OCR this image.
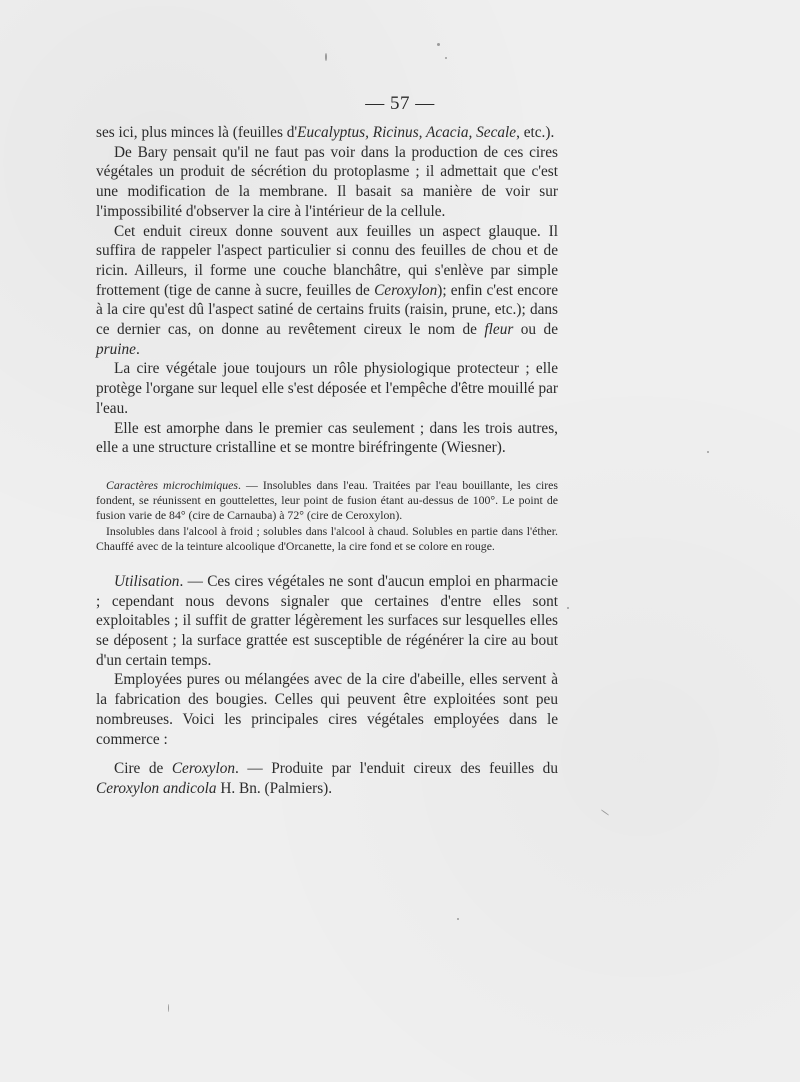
— 57 —

ses ici, plus minces là (feuilles d'Eucalyptus, Ricinus, Acacia, Secale, etc.).

De Bary pensait qu'il ne faut pas voir dans la production de ces cires végétales un produit de sécrétion du protoplasme ; il admettait que c'est une modification de la membrane. Il basait sa manière de voir sur l'impossibilité d'observer la cire à l'intérieur de la cellule.

Cet enduit cireux donne souvent aux feuilles un aspect glauque. Il suffira de rappeler l'aspect particulier si connu des feuilles de chou et de ricin. Ailleurs, il forme une couche blanchâtre, qui s'enlève par simple frottement (tige de canne à sucre, feuilles de Ceroxylon); enfin c'est encore à la cire qu'est dû l'aspect satiné de certains fruits (raisin, prune, etc.); dans ce dernier cas, on donne au revêtement cireux le nom de fleur ou de pruine.

La cire végétale joue toujours un rôle physiologique protecteur ; elle protège l'organe sur lequel elle s'est déposée et l'empêche d'être mouillé par l'eau.

Elle est amorphe dans le premier cas seulement ; dans les trois autres, elle a une structure cristalline et se montre biréfringente (Wiesner).

Caractères microchimiques. — Insolubles dans l'eau. Traitées par l'eau bouillante, les cires fondent, se réunissent en gouttelettes, leur point de fusion étant au-dessus de 100°. Le point de fusion varie de 84° (cire de Carnauba) à 72° (cire de Ceroxylon).

Insolubles dans l'alcool à froid ; solubles dans l'alcool à chaud. Solubles en partie dans l'éther. Chauffé avec de la teinture alcoolique d'Orcanette, la cire fond et se colore en rouge.

Utilisation. — Ces cires végétales ne sont d'aucun emploi en pharmacie ; cependant nous devons signaler que certaines d'entre elles sont exploitables ; il suffit de gratter légèrement les surfaces sur lesquelles elles se déposent ; la surface grattée est susceptible de régénérer la cire au bout d'un certain temps.

Employées pures ou mélangées avec de la cire d'abeille, elles servent à la fabrication des bougies. Celles qui peuvent être exploitées sont peu nombreuses. Voici les principales cires végétales employées dans le commerce :

Cire de Ceroxylon. — Produite par l'enduit cireux des feuilles du Ceroxylon andicola H. Bn. (Palmiers).
